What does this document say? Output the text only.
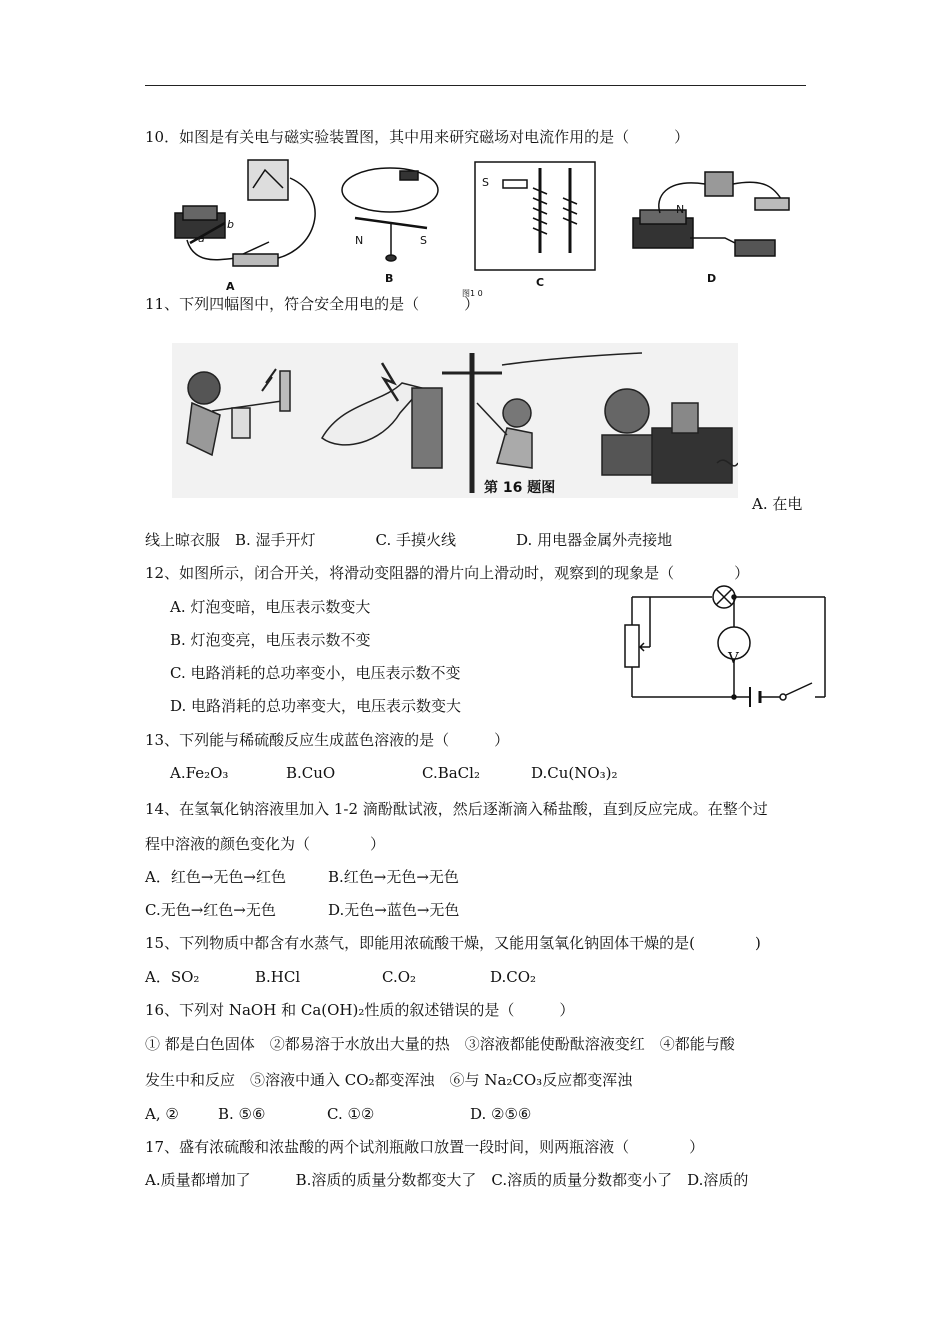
10．如图是有关电与磁实验装置图，其中用来研究磁场对电流作用的是（　　　）
A
B	C	D
a
b
N	S
S
N
图1 0
11、下列四幅图中，符合安全用电的是（　　　）
第 16 题图
A. 在电
线上晾衣服　B. 湿手开灯　　　　C. 手摸火线　　　　D. 用电器金属外壳接地
12、如图所示，闭合开关，将滑动变阻器的滑片向上滑动时，观察到的现象是（　　　　）
A. 灯泡变暗，电压表示数变大
B. 灯泡变亮，电压表示数不变
C. 电路消耗的总功率变小，电压表示数不变
D. 电路消耗的总功率变大，电压表示数变大
V
13、下列能与稀硫酸反应生成蓝色溶液的是（　　　）
A.Fe₂O₃	B.CuO	C.BaCl₂	D.Cu(NO₃)₂
14、在氢氧化钠溶液里加入 1-2 滴酚酞试液，然后逐渐滴入稀盐酸，直到反应完成。在整个过
程中溶液的颜色变化为（　　　　）
A．红色→无色→红色	B.红色→无色→无色
C.无色→红色→无色	D.无色→蓝色→无色
15、下列物质中都含有水蒸气，即能用浓硫酸干燥，又能用氢氧化钠固体干燥的是(　　　　)
A．SO₂	B.HCl	C.O₂	D.CO₂
16、下列对 NaOH 和 Ca(OH)₂性质的叙述错误的是（　　　）
① 都是白色固体　②都易溶于水放出大量的热　③溶液都能使酚酞溶液变红　④都能与酸
发生中和反应　⑤溶液中通入 CO₂都变浑浊　⑥与 Na₂CO₃反应都变浑浊
A, ②	B. ⑤⑥	C. ①②	D. ②⑤⑥
17、盛有浓硫酸和浓盐酸的两个试剂瓶敞口放置一段时间，则两瓶溶液（　　　　）
A.质量都增加了　　　B.溶质的质量分数都变大了　C.溶质的质量分数都变小了　D.溶质的
